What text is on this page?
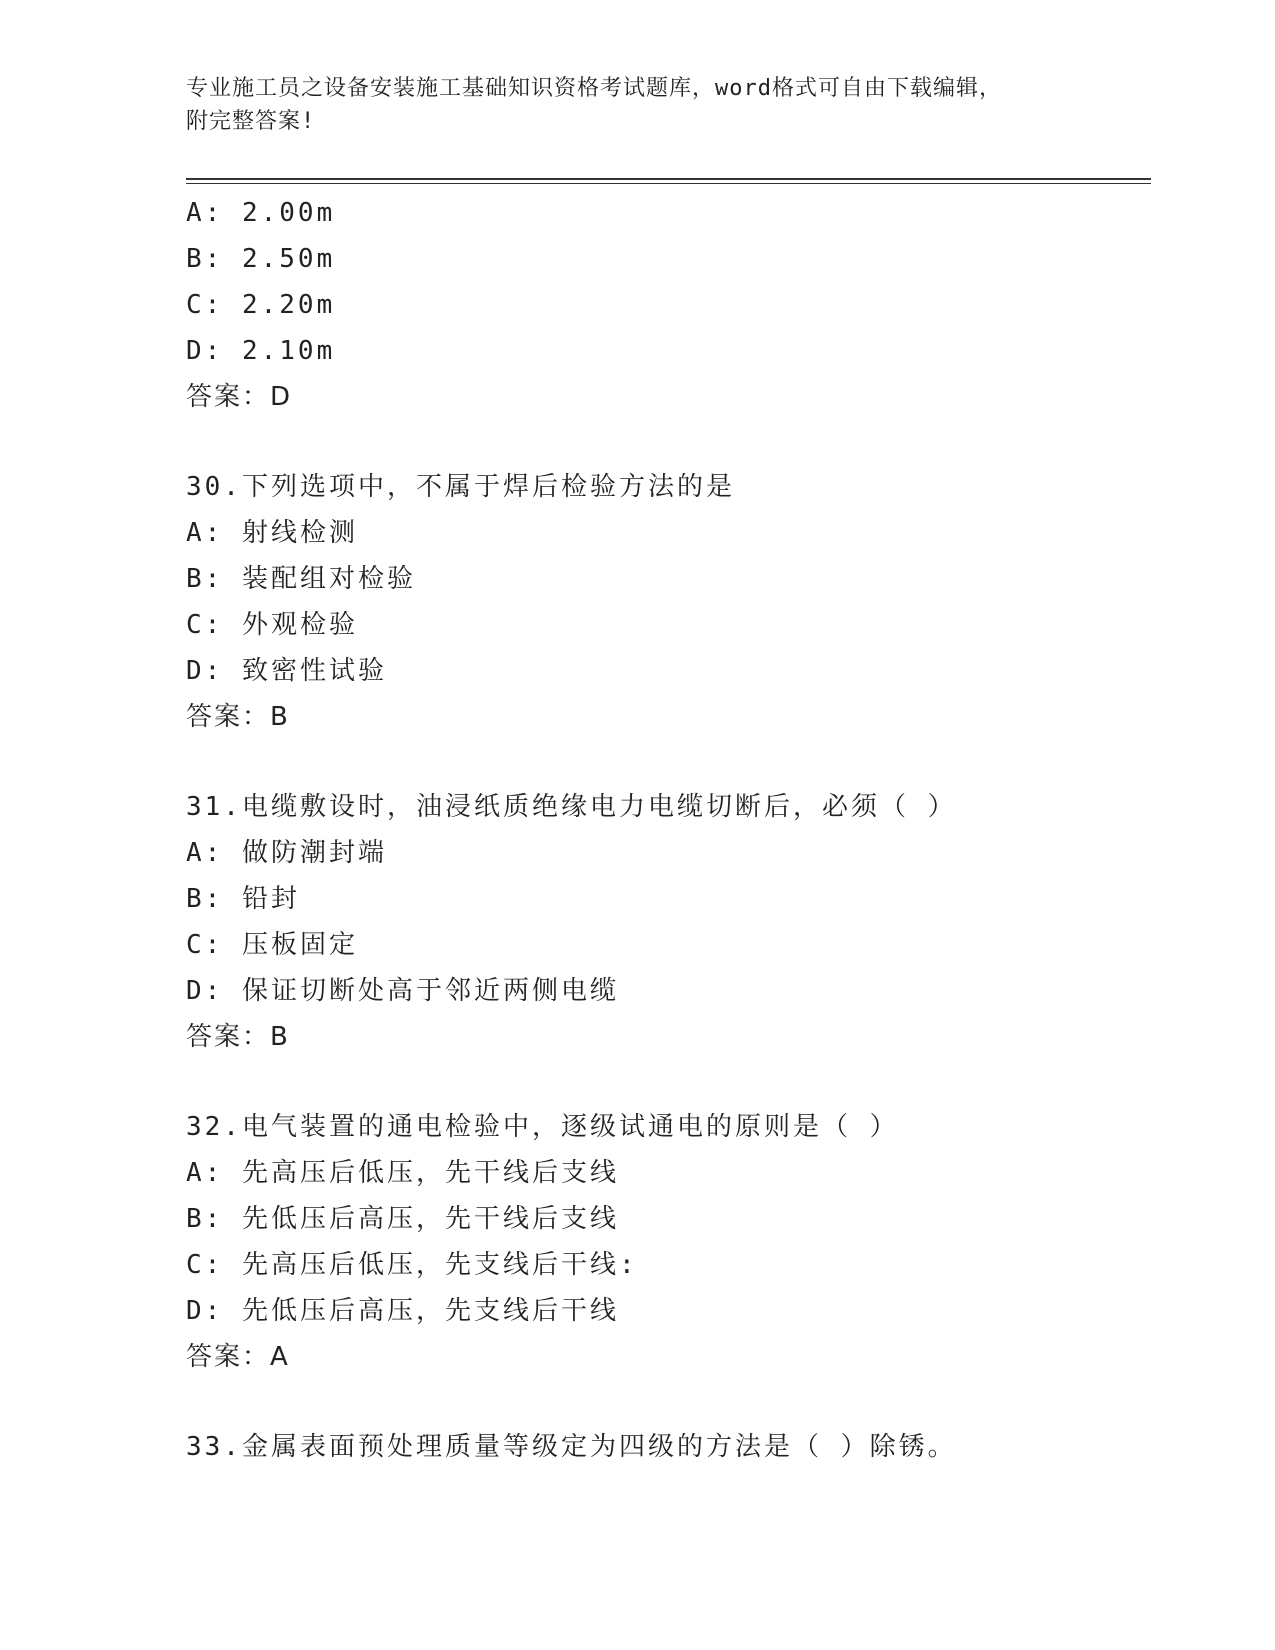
专业施工员之设备安装施工基础知识资格考试题库，word格式可自由下载编辑，
附完整答案!
A: 2.00m
B: 2.50m
C: 2.20m
D: 2.10m
答案：D
30.下列选项中，不属于焊后检验方法的是
A: 射线检测
B: 装配组对检验
C: 外观检验
D: 致密性试验
答案：B
31.电缆敷设时，油浸纸质绝缘电力电缆切断后，必须（ ）
A: 做防潮封端
B: 铅封
C: 压板固定
D: 保证切断处高于邻近两侧电缆
答案：B
32.电气装置的通电检验中，逐级试通电的原则是（ ）
A: 先高压后低压，先干线后支线
B: 先低压后高压，先干线后支线
C: 先高压后低压，先支线后干线:
D: 先低压后高压，先支线后干线
答案：A
33.金属表面预处理质量等级定为四级的方法是（ ）除锈。
